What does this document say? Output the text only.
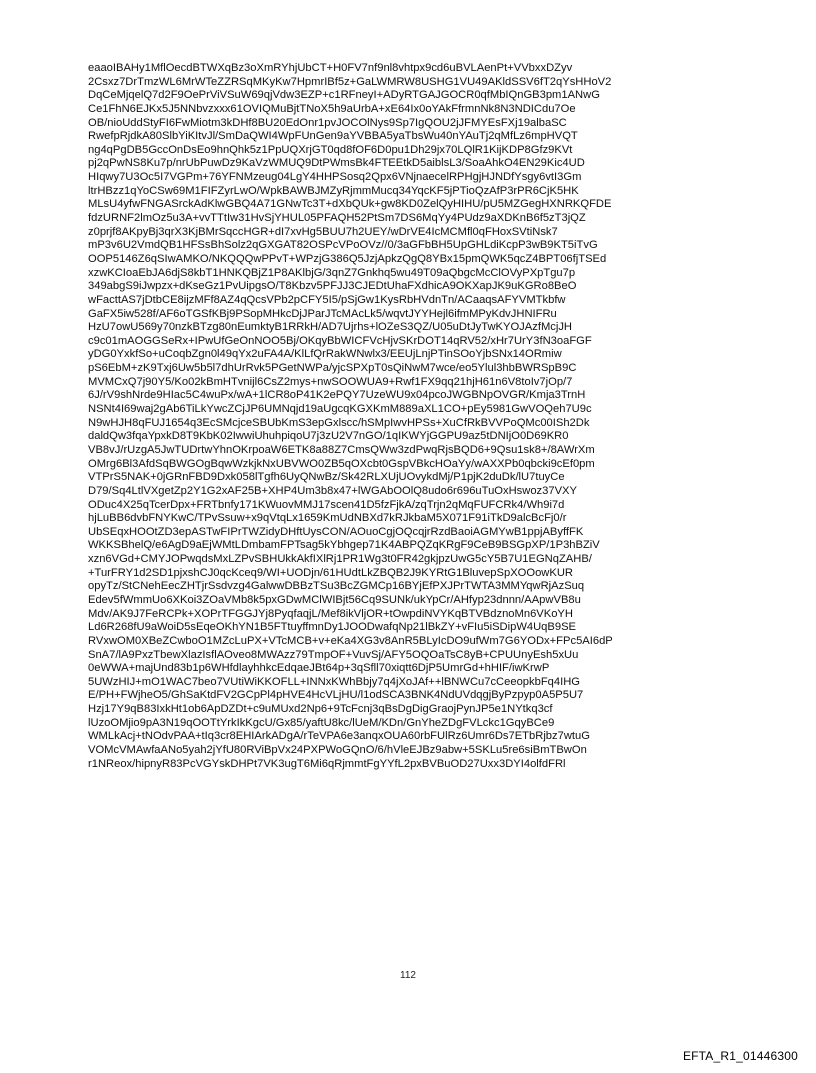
eaaoIBAHy1MflOecdBTWXqBz3oXmRYhjUbCT+H0FV7nf9nl8vhtpx9cd6uBVLAenPt+VVbxxDZyv
2Csxz7DrTmzWL6MrWTeZZRSqMKyKw7HpmrIBf5z+GaLWMRW8USHG1VU49AKldSSV6fT2qYsHHoV2
DqCeMjqelQ7d2F9OePrViVSuW69qjVdw3EZP+c1RFneyI+ADyRTGAJGOCR0qfMbIQnGB3pm1ANwG
Ce1FhN6EJKx5J5NNbvzxxx61OVIQMuBjtTNoX5h9aUrbA+xE64Ix0oYAkFfrmnNk8N3NDICdu7Oe
OB/nioUddStyFI6FwMiotm3kDHf8BU20EdOnr1pvJOCOlNys9Sp7IgQOU2jJFMYEsFXj19albaSC
RwefpRjdkA80SlbYiKItvJl/SmDaQWI4WpFUnGen9aYVBBA5yaTbsWu40nYAuTj2qMfLz6mpHVQT
ng4qPgDB5GccOnDsEo9hnQhk5z1PpUQXrjGT0qd8fOF6D0pu1Dh29jx70LQlR1KijKDP8Gfz9KVt
pj2qPwNS8Ku7p/nrUbPuwDz9KaVzWMUQ9DtPWmsBk4FTEEtkD5aiblsL3/SoaAhkO4EN29Kic4UD
HIqwy7U3Oc5I7VGPm+76YFNMzeug04LgY4HHPSosq2Qpx6VNjnaecelRPHgjHJNDfYsgy6vtI3Gm
ltrHBzz1qYoCSw69M1FIFZyrLwO/WpkBAWBJMZyRjmmMucq34YqcKF5jPTioQzAfP3rPR6CjK5HK
MLsU4yfwFNGASrckAdKlwGBQ4A71GNwTc3T+dXbQUk+gw8KD0ZelQyHIHU/pU5MZGegHXNRKQFDE
fdzURNF2lmOz5u3A+vvTTtIw31HvSjYHUL05PFAQH52PtSm7DS6MqYy4PUdz9aXDKnB6f5zT3jQZ
z0prjf8AKpyBj3qrX3KjBMrSqccHGR+dI7xvHg5BUU7h2UEY/wDrVE4IcMCMfl0qFHoxSVtiNsk7
mP3v6U2VmdQB1HFSsBhSolz2qGXGAT82OSPcVPoOVz//0/3aGFbBH5UpGHLdiKcpP3wB9KT5iTvG
OOP5146Z6qSIwAMKO/NKQQQwPPvT+WPzjG386Q5JzjApkzQgQ8YBx15pmQWK5qcZ4BPT06fjTSEd
xzwKCIoaEbJA6djS8kbT1HNKQBjZ1P8AKlbjG/3qnZ7Gnkhq5wu49T09aQbgcMcClOVyPXpTgu7p
349abgS9iJwpzx+dKseGz1PvUipgsO/T8Kbzv5PFJJ3CJEDtUhaFXdhicA9OKXapJK9uKGRo8BeO
wFacttAS7jDtbCE8ijzMFf8AZ4qQcsVPb2pCFY5I5/pSjGw1KysRbHVdnTn/ACaaqsAFYVMTkbfw
GaFX5iw528f/AF6oTGSfKBj9PSopMHkcDjJParJTcMAcLk5/wqvtJYYHejl6ifmMPyKdvJHNIFRu
HzU7owU569y70nzkBTzg80nEumktyB1RRkH/AD7Ujrhs+lOZeS3QZ/U05uDtJyTwKYOJAzfMcjJH
c9c01mAOGGSeRx+IPwUfGeOnNOO5Bj/OKqyBbWICFVcHjvSKrDOT14qRV52/xHr7UrY3fN3oaFGF
yDG0YxkfSo+uCoqbZgn0l49qYx2uFA4A/KlLfQrRakWNwlx3/EEUjLnjPTinSOoYjbSNx14ORmiw
pS6EbM+zK9Txj6Uw5b5l7dhUrRvk5PGetNWPa/yjcSPXpT0sQiNwM7wce/eo5Ylul3hbBWRSpB9C
MVMCxQ7j90Y5/Ko02kBmHTvnijl6CsZ2mys+nwSOOWUA9+Rwf1FX9qq21hjH61n6V8toIv7jOp/7
6J/rV9shNrde9HIac5C4wuPx/wA+1lCR8oP41K2ePQY7UzeWU9x04pcoJWGBNpOVGR/Kmja3TrnH
NSNt4I69waj2gAb6TiLkYwcZCjJP6UMNqjd19aUgcqKGXKmM889aXL1CO+pEy5981GwVOQeh7U9c
N9wHJH8qFUJ1654q3EcSMcjceSBUbKmS3epGxlscc/hSMpIwvHPSs+XuCfRkBVVPoQMc00ISh2Dk
daldQw3fqaYpxkD8T9KbK02IwwiUhuhpiqoU7j3zU2V7nGO/1qIKWYjGGPU9az5tDNIjO0D69KR0
VB8vJ/rUzgA5JwTUDrtwYhnOKrpoaW6ETK8a88Z7CmsQWw3zdPwqRjsBQD6+9Qsu1sk8+/8AWrXm
OMrg6Bl3AfdSqBWGOgBqwWzkjkNxUBVWO0ZB5qOXcbt0GspVBkcHOaYy/wAXXPb0qbcki9cEf0pm
VTPrS5NAK+0jGRnFBD9Dxk058lTgfh6UyQNwBz/Sk42RLXUjUOvykdMj/P1pjK2duDk/lU7tuyCe
D79/Sq4LtlVXgetZp2Y1G2xAF25B+XHP4Um3b8x47+lWGAbOOlQ8udo6r696uTuOxHswoz37VXY
ODuc4X25qTcerDpx+FRTbnfy171KWuovMMJ17scen41D5fzFjkA/zqTrjn2qMqFUFCRk4/Wh9i7d
hjLuBB6dvbFNYKwC/TPvSsuw+x9qVtqLx1659KmUdNBXd7kRJkbaM5X071F91iTkD9alcBcFj0/r
UbSEqxHOOtZD3epASTwFIPrTWZidyDHftUysCON/AOuoCgjOQcqjrRzdBaoiAGMYwB1ppjAByffFK
WKKSBhelQ/e6AgD9aEjWMtLDmbamFPTsag5kYbhgep71K4ABPQZqKRgF9CeB9BSGpXP/1P3hBZiV
xzn6VGd+CMYJOPwqdsMxLZPvSBHUkkAkfIXlRj1PR1Wg3t0FR42gkjpzUwG5cY5B7U1EGNqZAHB/
+TurFRY1d2SD1pjxshCJ0qcKceq9/WI+UODjn/61HUdtLkZBQB2J9KYRtG1BluvepSpXOOowKUR
opyTz/StCNehEecZHTjrSsdvzg4GalwwDBBzTSu3BcZGMCp16BYjEfPXJPrTWTA3MMYqwRjAzSuq
Edev5fWmmUo6XKoi3ZOaVMb8k5pxGDwMClWIBjt56Cq9SUNk/ukYpCr/AHfyp23dnnn/AApwVB8u
Mdv/AK9J7FeRCPk+XOPrTFGGJYj8PyqfaqjL/Mef8ikVljOR+tOwpdiNVYKqBTVBdznoMn6VKoYH
Ld6R268fU9aWoiD5sEqeOKhYN1B5FTtuyffmnDy1JOODwafqNp21lBkZY+vFIu5iSDipW4UqB9SE
RVxwOM0XBeZCwboO1MZcLuPX+VTcMCB+v+eKa4XG3v8AnR5BLyIcDO9ufWm7G6YODx+FPc5AI6dP
SnA7/lA9PxzTbewXlazIsflAOveo8MWAzz79TmpOF+VuvSj/AFY5OQOaTsC8yB+CPUUnyEsh5xUu
0eWWA+majUnd83b1p6WHfdlayhhkcEdqaeJBt64p+3qSfll70xiqtt6DjP5UmrGd+hHIF/iwKrwP
5UWzHIJ+mO1WAC7beo7VUtiWiKKOFLL+INNxKWhBbjy7q4jXoJAf++lBNWCu7cCeeopkbFq4IHG
E/PH+FWjheO5/GhSaKtdFV2GCpPl4pHVE4HcVLjHU/l1odSCA3BNK4NdUVdqgjByPzpyp0A5P5U7
Hzj17Y9qB83IxkHt1ob6ApDZDt+c9uMUxd2Np6+9TcFcnj3qBsDgDigGraojPynJP5e1NYtkq3cf
lUzoOMjio9pA3N19qOOTtYrkIkKgcU/Gx85/yaftU8kc/lUeM/KDn/GnYheZDgFVLckc1GqyBCe9
WMLkAcj+tNOdvPAA+tIq3cr8EHIArkADgA/rTeVPA6e3anqxOUA60rbFUlRz6Umr6Ds7ETbRjbz7wtuG
VOMcVMAwfaANo5yah2jYfU80RViBpVx24PXPWoGQnO/6/hVleEJBz9abw+5SKLu5re6siBmTBwOn
r1NReox/hipnyR83PcVGYskDHPt7VK3ugT6Mi6qRjmmtFgYYfL2pxBVBuOD27Uxx3DYI4olfdFRl
112
EFTA_R1_01446300
